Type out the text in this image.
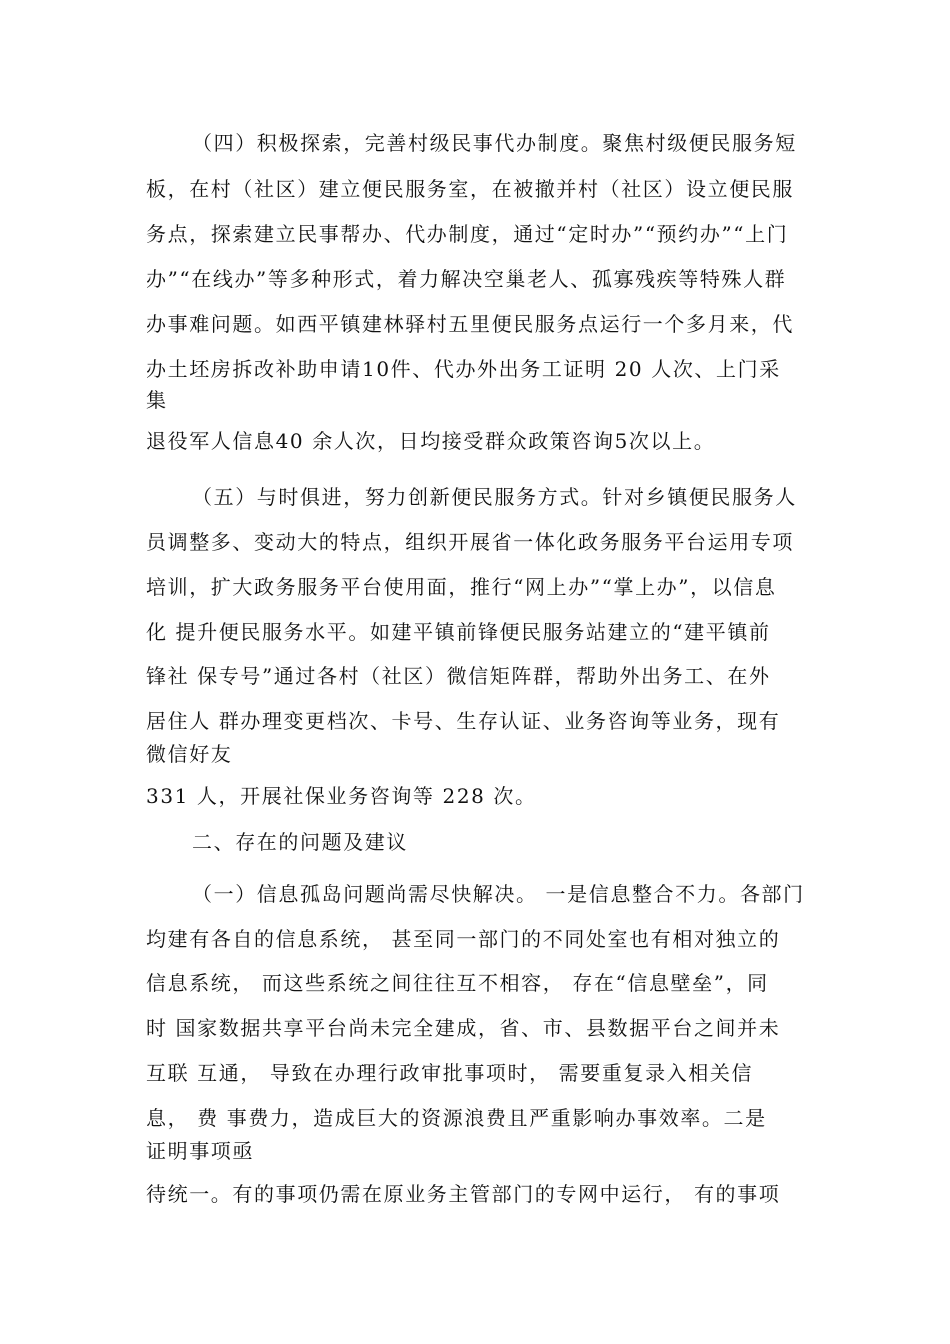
（四）积极探索，完善村级民事代办制度。聚焦村级便民服务短
板，在村（社区）建立便民服务室，在被撤并村（社区）设立便民服
务点，探索建立民事帮办、代办制度，通过“定时办”“预约办”“上门
办”“在线办”等多种形式，着力解决空巢老人、孤寡残疾等特殊人群
办事难问题。如西平镇建林驿村五里便民服务点运行一个多月来，代
办土坯房拆改补助申请10件、代办外出务工证明 20 人次、上门采
集
退役军人信息40 余人次，日均接受群众政策咨询5次以上。
（五）与时俱进，努力创新便民服务方式。针对乡镇便民服务人
员调整多、变动大的特点，组织开展省一体化政务服务平台运用专项
培训，扩大政务服务平台使用面，推行“网上办”“掌上办”，以信息
化 提升便民服务水平。如建平镇前锋便民服务站建立的“建平镇前
锋社 保专号”通过各村（社区）微信矩阵群，帮助外出务工、在外
居住人 群办理变更档次、卡号、生存认证、业务咨询等业务，现有
微信好友
331 人，开展社保业务咨询等 228 次。
二、存在的问题及建议
（一）信息孤岛问题尚需尽快解决。 一是信息整合不力。各部门
均建有各自的信息系统， 甚至同一部门的不同处室也有相对独立的
信息系统， 而这些系统之间往往互不相容， 存在“信息壁垒”，同
时 国家数据共享平台尚未完全建成，省、市、县数据平台之间并未
互联 互通， 导致在办理行政审批事项时， 需要重复录入相关信
息， 费 事费力，造成巨大的资源浪费且严重影响办事效率。二是
证明事项亟
待统一。有的事项仍需在原业务主管部门的专网中运行， 有的事项
